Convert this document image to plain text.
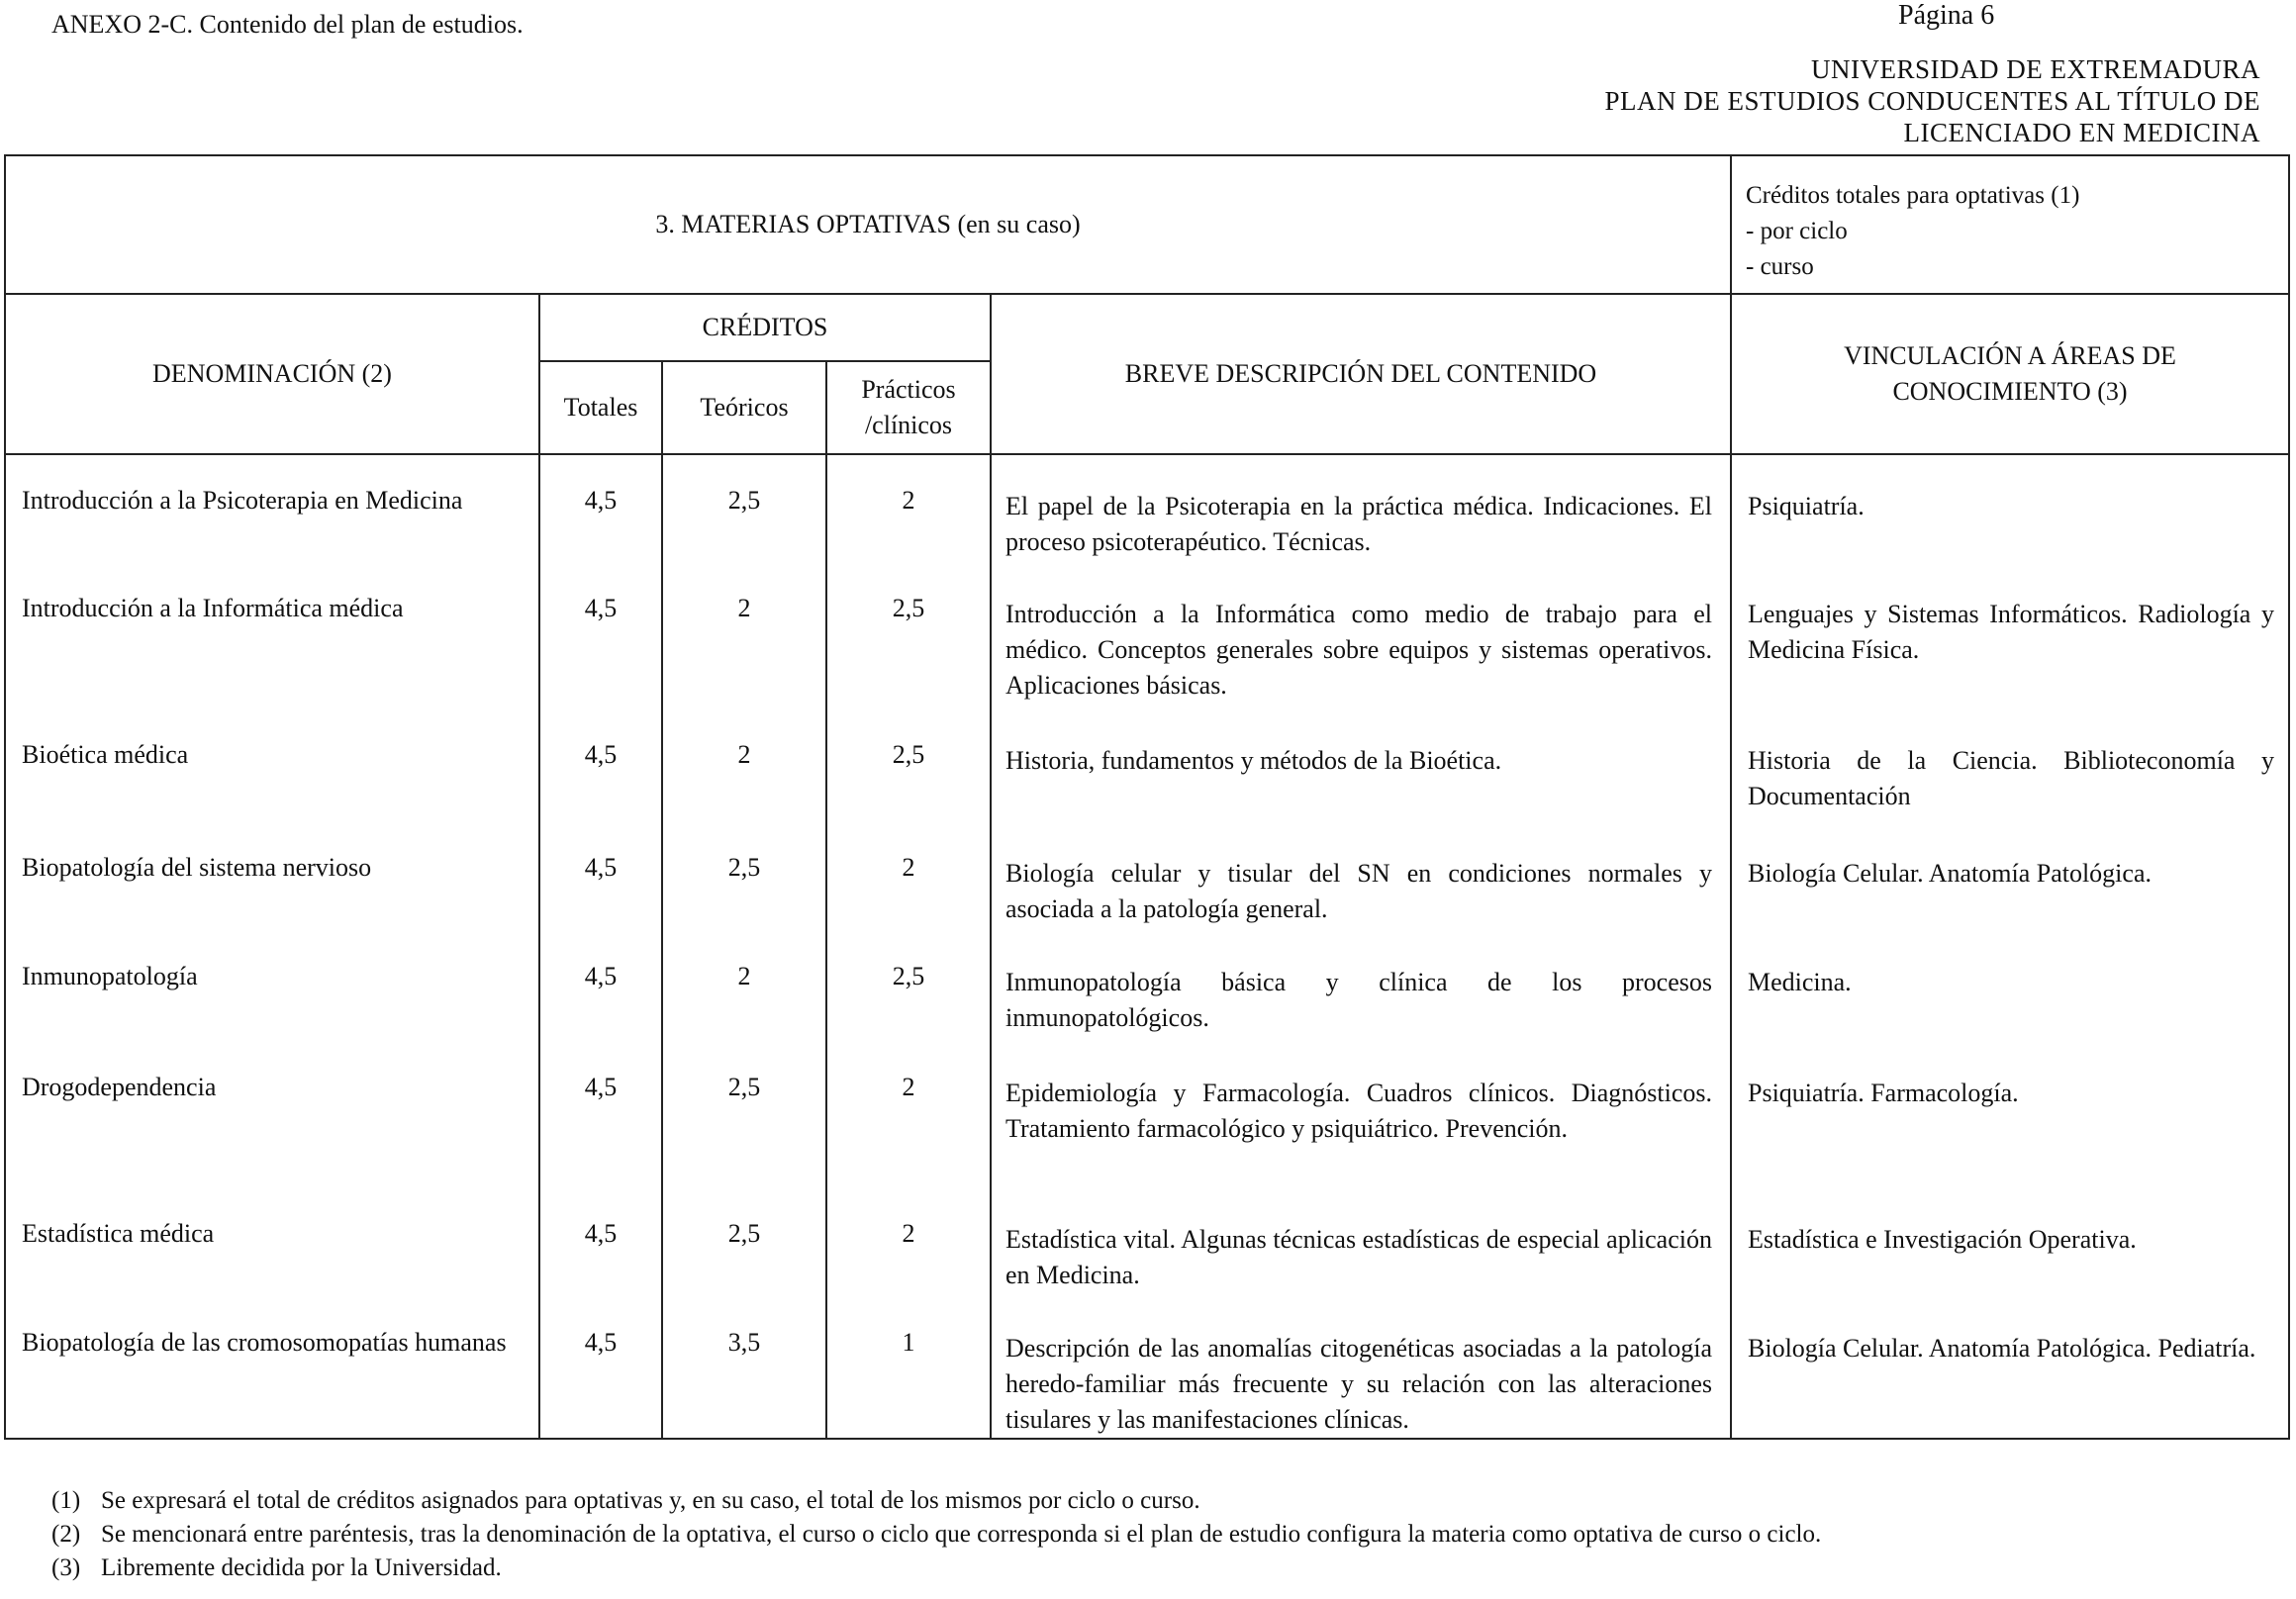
ANEXO 2-C. Contenido del plan de estudios.	Página 6
UNIVERSIDAD DE EXTREMADURA
PLAN DE ESTUDIOS CONDUCENTES AL TÍTULO DE
LICENCIADO EN MEDICINA
3. MATERIAS OPTATIVAS (en su caso)					Créditos totales para optativas (1)
- por ciclo
- curso

DENOMINACIÓN (2)	CRÉDITOS			BREVE DESCRIPCIÓN DEL CONTENIDO	VINCULACIÓN A ÁREAS DE CONOCIMIENTO (3)
	Totales	Teóricos	Prácticos /clínicos		
Introducción a la Psicoterapia en Medicina	4,5	2,5	2	El papel de la Psicoterapia en la práctica médica. Indicaciones. El proceso psicoterapéutico. Técnicas.	Psiquiatría.
Introducción a la Informática médica	4,5	2	2,5	Introducción a la Informática como medio de trabajo para el médico. Conceptos generales sobre equipos y sistemas operativos. Aplicaciones básicas.	Lenguajes y Sistemas Informáticos. Radiología y Medicina Física.
Bioética médica	4,5	2	2,5	Historia, fundamentos y métodos de la Bioética.	Historia de la Ciencia. Biblioteconomía y Documentación
Biopatología del sistema nervioso	4,5	2,5	2	Biología celular y tisular del SN en condiciones normales y asociada a la patología general.	Biología Celular. Anatomía Patológica.
Inmunopatología	4,5	2	2,5	Inmunopatología básica y clínica de los procesos inmunopatológicos.	Medicina.
Drogodependencia	4,5	2,5	2	Epidemiología y Farmacología. Cuadros clínicos. Diagnósticos. Tratamiento farmacológico y psiquiátrico. Prevención.	Psiquiatría. Farmacología.
Estadística médica	4,5	2,5	2	Estadística vital. Algunas técnicas estadísticas de especial aplicación en Medicina.	Estadística e Investigación Operativa.
Biopatología de las cromosomopatías humanas	4,5	3,5	1	Descripción de las anomalías citogenéticas asociadas a la patología heredo-familiar más frecuente y su relación con las alteraciones tisulares y las manifestaciones clínicas.	Biología Celular. Anatomía Patológica. Pediatría.
(1) Se expresará el total de créditos asignados para optativas y, en su caso, el total de los mismos por ciclo o curso.
(2) Se mencionará entre paréntesis, tras la denominación de la optativa, el curso o ciclo que corresponda si el plan de estudio configura la materia como optativa de curso o ciclo.
(3) Libremente decidida por la Universidad.
